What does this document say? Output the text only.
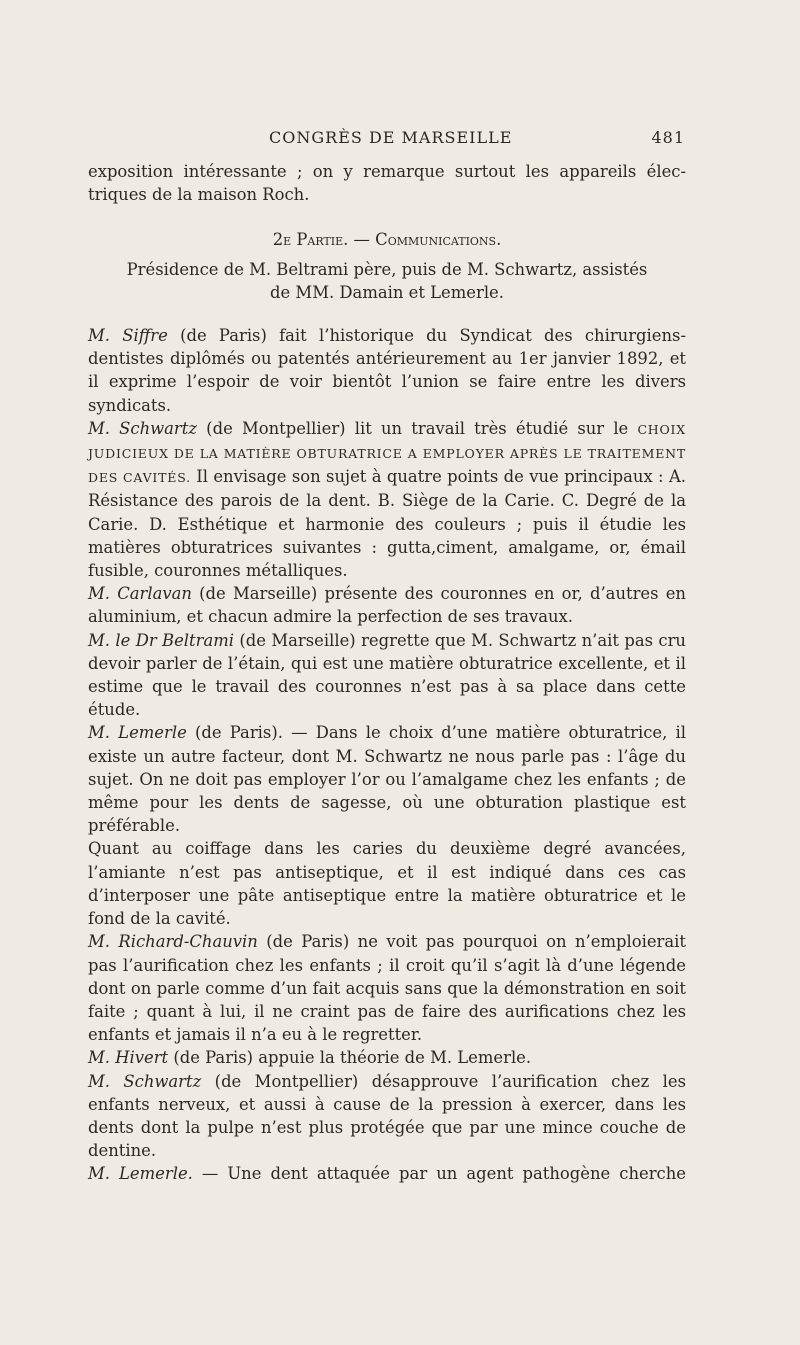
CONGRÈS DE MARSEILLE	481

exposition intéressante ; on y remarque surtout les appareils élec-

triques de la maison Roch.

2e Partie. — Communications.

Présidence de M. Beltrami père, puis de M. Schwartz, assistés

de MM. Damain et Lemerle.

M. Siffre (de Paris) fait l’historique du Syndicat des chirurgiens-dentistes diplômés ou patentés antérieurement au 1er janvier 1892, et il exprime l’espoir de voir bientôt l’union se faire entre les divers syndicats.

M. Schwartz (de Montpellier) lit un travail très étudié sur le CHOIX JUDICIEUX DE LA MATIÈRE OBTURATRICE A EMPLOYER APRÈS LE TRAITEMENT DES CAVITÉS. Il envisage son sujet à quatre points de vue principaux : A. Résistance des parois de la dent. B. Siège de la Carie. C. Degré de la Carie. D. Esthétique et harmonie des couleurs ; puis il étudie les matières obturatrices suivantes : gutta,ciment, amalgame, or, émail fusible, couronnes métalliques.

M. Carlavan (de Marseille) présente des couronnes en or, d’autres en aluminium, et chacun admire la perfection de ses travaux.

M. le Dr Beltrami (de Marseille) regrette que M. Schwartz n’ait pas cru devoir parler de l’étain, qui est une matière obturatrice excellente, et il estime que le travail des couronnes n’est pas à sa place dans cette étude.

M. Lemerle (de Paris). — Dans le choix d’une matière obturatrice, il existe un autre facteur, dont M. Schwartz ne nous parle pas : l’âge du sujet. On ne doit pas employer l’or ou l’amalgame chez les enfants ; de même pour les dents de sagesse, où une obturation plastique est préférable.

Quant au coiffage dans les caries du deuxième degré avancées, l’amiante n’est pas antiseptique, et il est indiqué dans ces cas d’interposer une pâte antiseptique entre la matière obturatrice et le fond de la cavité.

M. Richard-Chauvin (de Paris) ne voit pas pourquoi on n’emploierait pas l’aurification chez les enfants ; il croit qu’il s’agit là d’une légende dont on parle comme d’un fait acquis sans que la démonstration en soit faite ; quant à lui, il ne craint pas de faire des aurifications chez les enfants et jamais il n’a eu à le regretter.

M. Hivert (de Paris) appuie la théorie de M. Lemerle.

M. Schwartz (de Montpellier) désapprouve l’aurification chez les enfants nerveux, et aussi à cause de la pression à exercer, dans les dents dont la pulpe n’est plus protégée que par une mince couche de dentine.

M. Lemerle. — Une dent attaquée par un agent pathogène cherche
